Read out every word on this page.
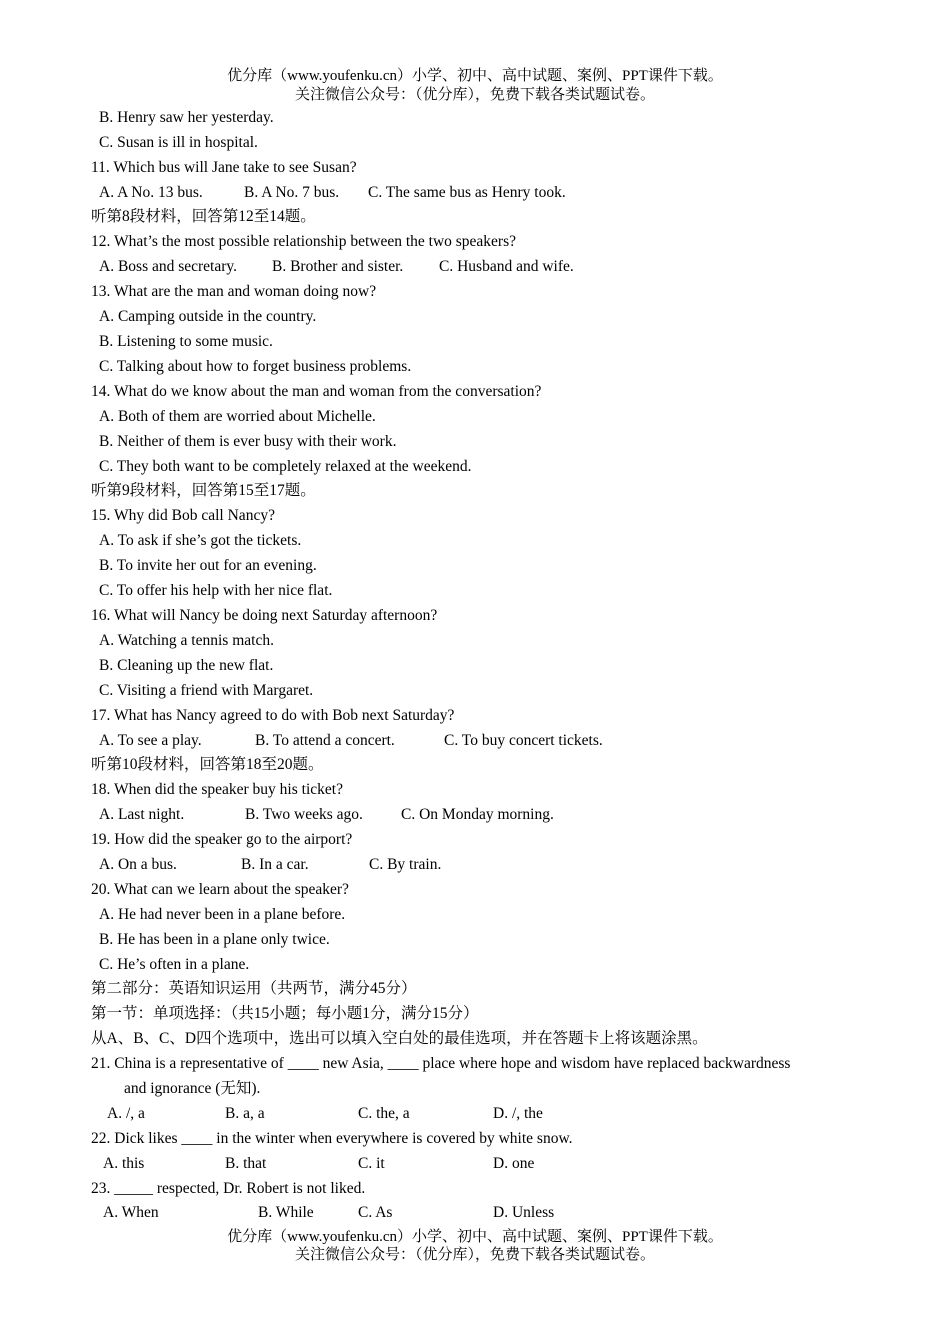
优分库（www.youfenku.cn）小学、初中、高中试题、案例、PPT课件下载。
关注微信公众号：（优分库），免费下载各类试题试卷。
B. Henry saw her yesterday.
C. Susan is ill in hospital.
11. Which bus will Jane take to see Susan?
A. A No. 13 bus.	B. A No. 7 bus. C. The same bus as Henry took.
听第8段材料，回答第12至14题。
12. What’s the most possible relationship between the two speakers?
A. Boss and secretary. B. Brother and sister. C. Husband and wife.
13. What are the man and woman doing now?
A. Camping outside in the country.
B. Listening to some music.
C. Talking about how to forget business problems.
14. What do we know about the man and woman from the conversation?
A. Both of them are worried about Michelle.
B. Neither of them is ever busy with their work.
C. They both want to be completely relaxed at the weekend.
听第9段材料，回答第15至17题。
15. Why did Bob call Nancy?
A. To ask if she’s got the tickets.
B. To invite her out for an evening.
C. To offer his help with her nice flat.
16. What will Nancy be doing next Saturday afternoon?
A. Watching a tennis match.
B. Cleaning up the new flat.
C. Visiting a friend with Margaret.
17. What has Nancy agreed to do with Bob next Saturday?
A. To see a play.	B. To attend a concert.	C. To buy concert tickets.
听第10段材料，回答第18至20题。
18. When did the speaker buy his ticket?
A. Last night.	B. Two weeks ago. C. On Monday morning.
19. How did the speaker go to the airport?
A. On a bus.	B. In a car.	C. By train.
20. What can we learn about the speaker?
A. He had never been in a plane before.
B. He has been in a plane only twice.
C. He’s often in a plane.
第二部分：英语知识运用（共两节，满分45分）
第一节：单项选择：（共15小题；每小题1分，满分15分）
从A、B、C、D四个选项中，选出可以填入空白处的最佳选项，并在答题卡上将该题涂黑。
21. China is a representative of ____ new Asia, ____ place where hope and wisdom have replaced backwardness
and ignorance (无知).
A. /, a	B. a, a	C. the, a	D. /, the
22. Dick likes ____ in the winter when everywhere is covered by white snow.
A. this	B. that	C. it	D. one
23. _____ respected, Dr. Robert is not liked.
A. When	B. While	C. As	D. Unless
优分库（www.youfenku.cn）小学、初中、高中试题、案例、PPT课件下载。
关注微信公众号：（优分库），免费下载各类试题试卷。
